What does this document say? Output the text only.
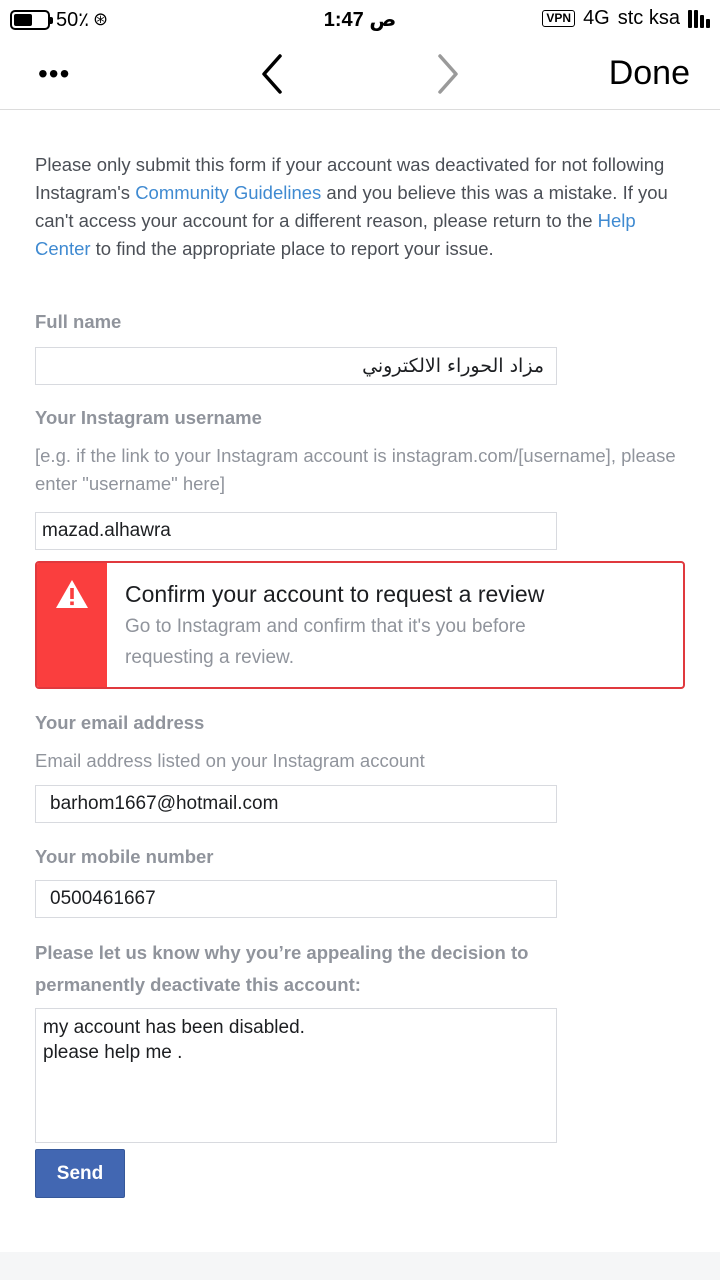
50٪ ⊛	1:47 ص	VPN 4G stc ksa
•••	Done

Please only submit this form if your account was deactivated for not following Instagram's Community Guidelines and you believe this was a mistake. If you can't access your account for a different reason, please return to the Help Center to find the appropriate place to report your issue.

Full name
مزاد الحوراء الالكتروني
Your Instagram username
[e.g. if the link to your Instagram account is instagram.com/[username], please enter "username" here]
mazad.alhawra
Confirm your account to request a review
Go to Instagram and confirm that it's you before requesting a review.
Your email address
Email address listed on your Instagram account
barhom1667@hotmail.com
Your mobile number
0500461667
Please let us know why you’re appealing the decision to permanently deactivate this account:
my account has been disabled.
please help me .
Send
